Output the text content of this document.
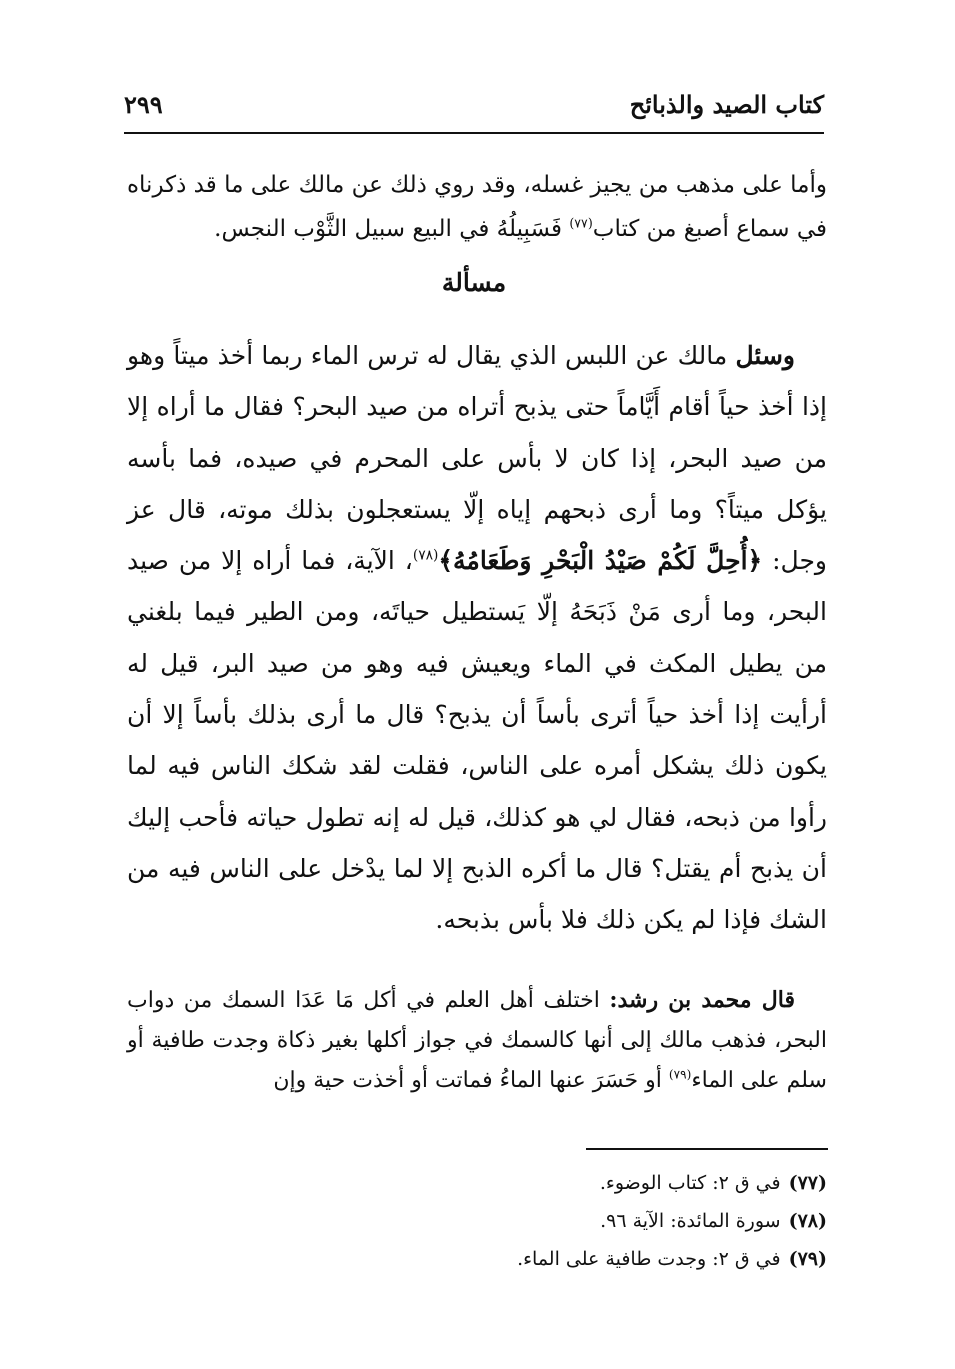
كتاب الصيد والذبائح
٢٩٩

وأما على مذهب من يجيز غسله، وقد روي ذلك عن مالك على ما قد ذكرناه في سماع أصبغ من كتاب$^{(٧٧)}$ فَسَبِيلُهُ في البيع سبيل الثَّوْب النجس.

مسألة

وسئل مالك عن اللبس الذي يقال له ترس الماء ربما أخذ ميتاً وهو إذا أخذ حياً أقام أَيَّاماً حتى يذبح أتراه من صيد البحر؟ فقال ما أراه إلا من صيد البحر، إذا كان لا بأس على المحرم في صيده، فما بأسه يؤكل ميتاً؟ وما أرى ذبحهم إياه إلّا يستعجلون بذلك موته، قال عز وجل: ﴿أُحِلَّ لَكُمْ صَيْدُ الْبَحْرِ وَطَعَامُهُ﴾$^{(٧٨)}$، الآية، فما أراه إلا من صيد البحر، وما أرى مَنْ ذَبَحَهُ إلّا يَستطيل حياتَه، ومن الطير فيما بلغني من يطيل المكث في الماء ويعيش فيه وهو من صيد البر، قيل له أرأيت إذا أخذ حياً أترى بأساً أن يذبح؟ قال ما أرى بذلك بأساً إلا أن يكون ذلك يشكل أمره على الناس، فقلت لقد شكك الناس فيه لما رأوا من ذبحه، فقال لي هو كذلك، قيل له إنه تطول حياته فأحب إليك أن يذبح أم يقتل؟ قال ما أكره الذبح إلا لما يدْخل على الناس فيه من الشك فإذا لم يكن ذلك فلا بأس بذبحه.

قال محمد بن رشد: اختلف أهل العلم في أكل مَا عَدَا السمك من دواب البحر، فذهب مالك إلى أنها كالسمك في جواز أكلها بغير ذكاة وجدت طافية أو سلم على الماء$^{(٧٩)}$ أو حَسَرَ عنها الماءُ فماتت أو أخذت حية وإن

(٧٧)في ق ٢: كتاب الوضوء.
(٧٨)سورة المائدة: الآية ٩٦.
(٧٩)في ق ٢: وجدت طافية على الماء.
